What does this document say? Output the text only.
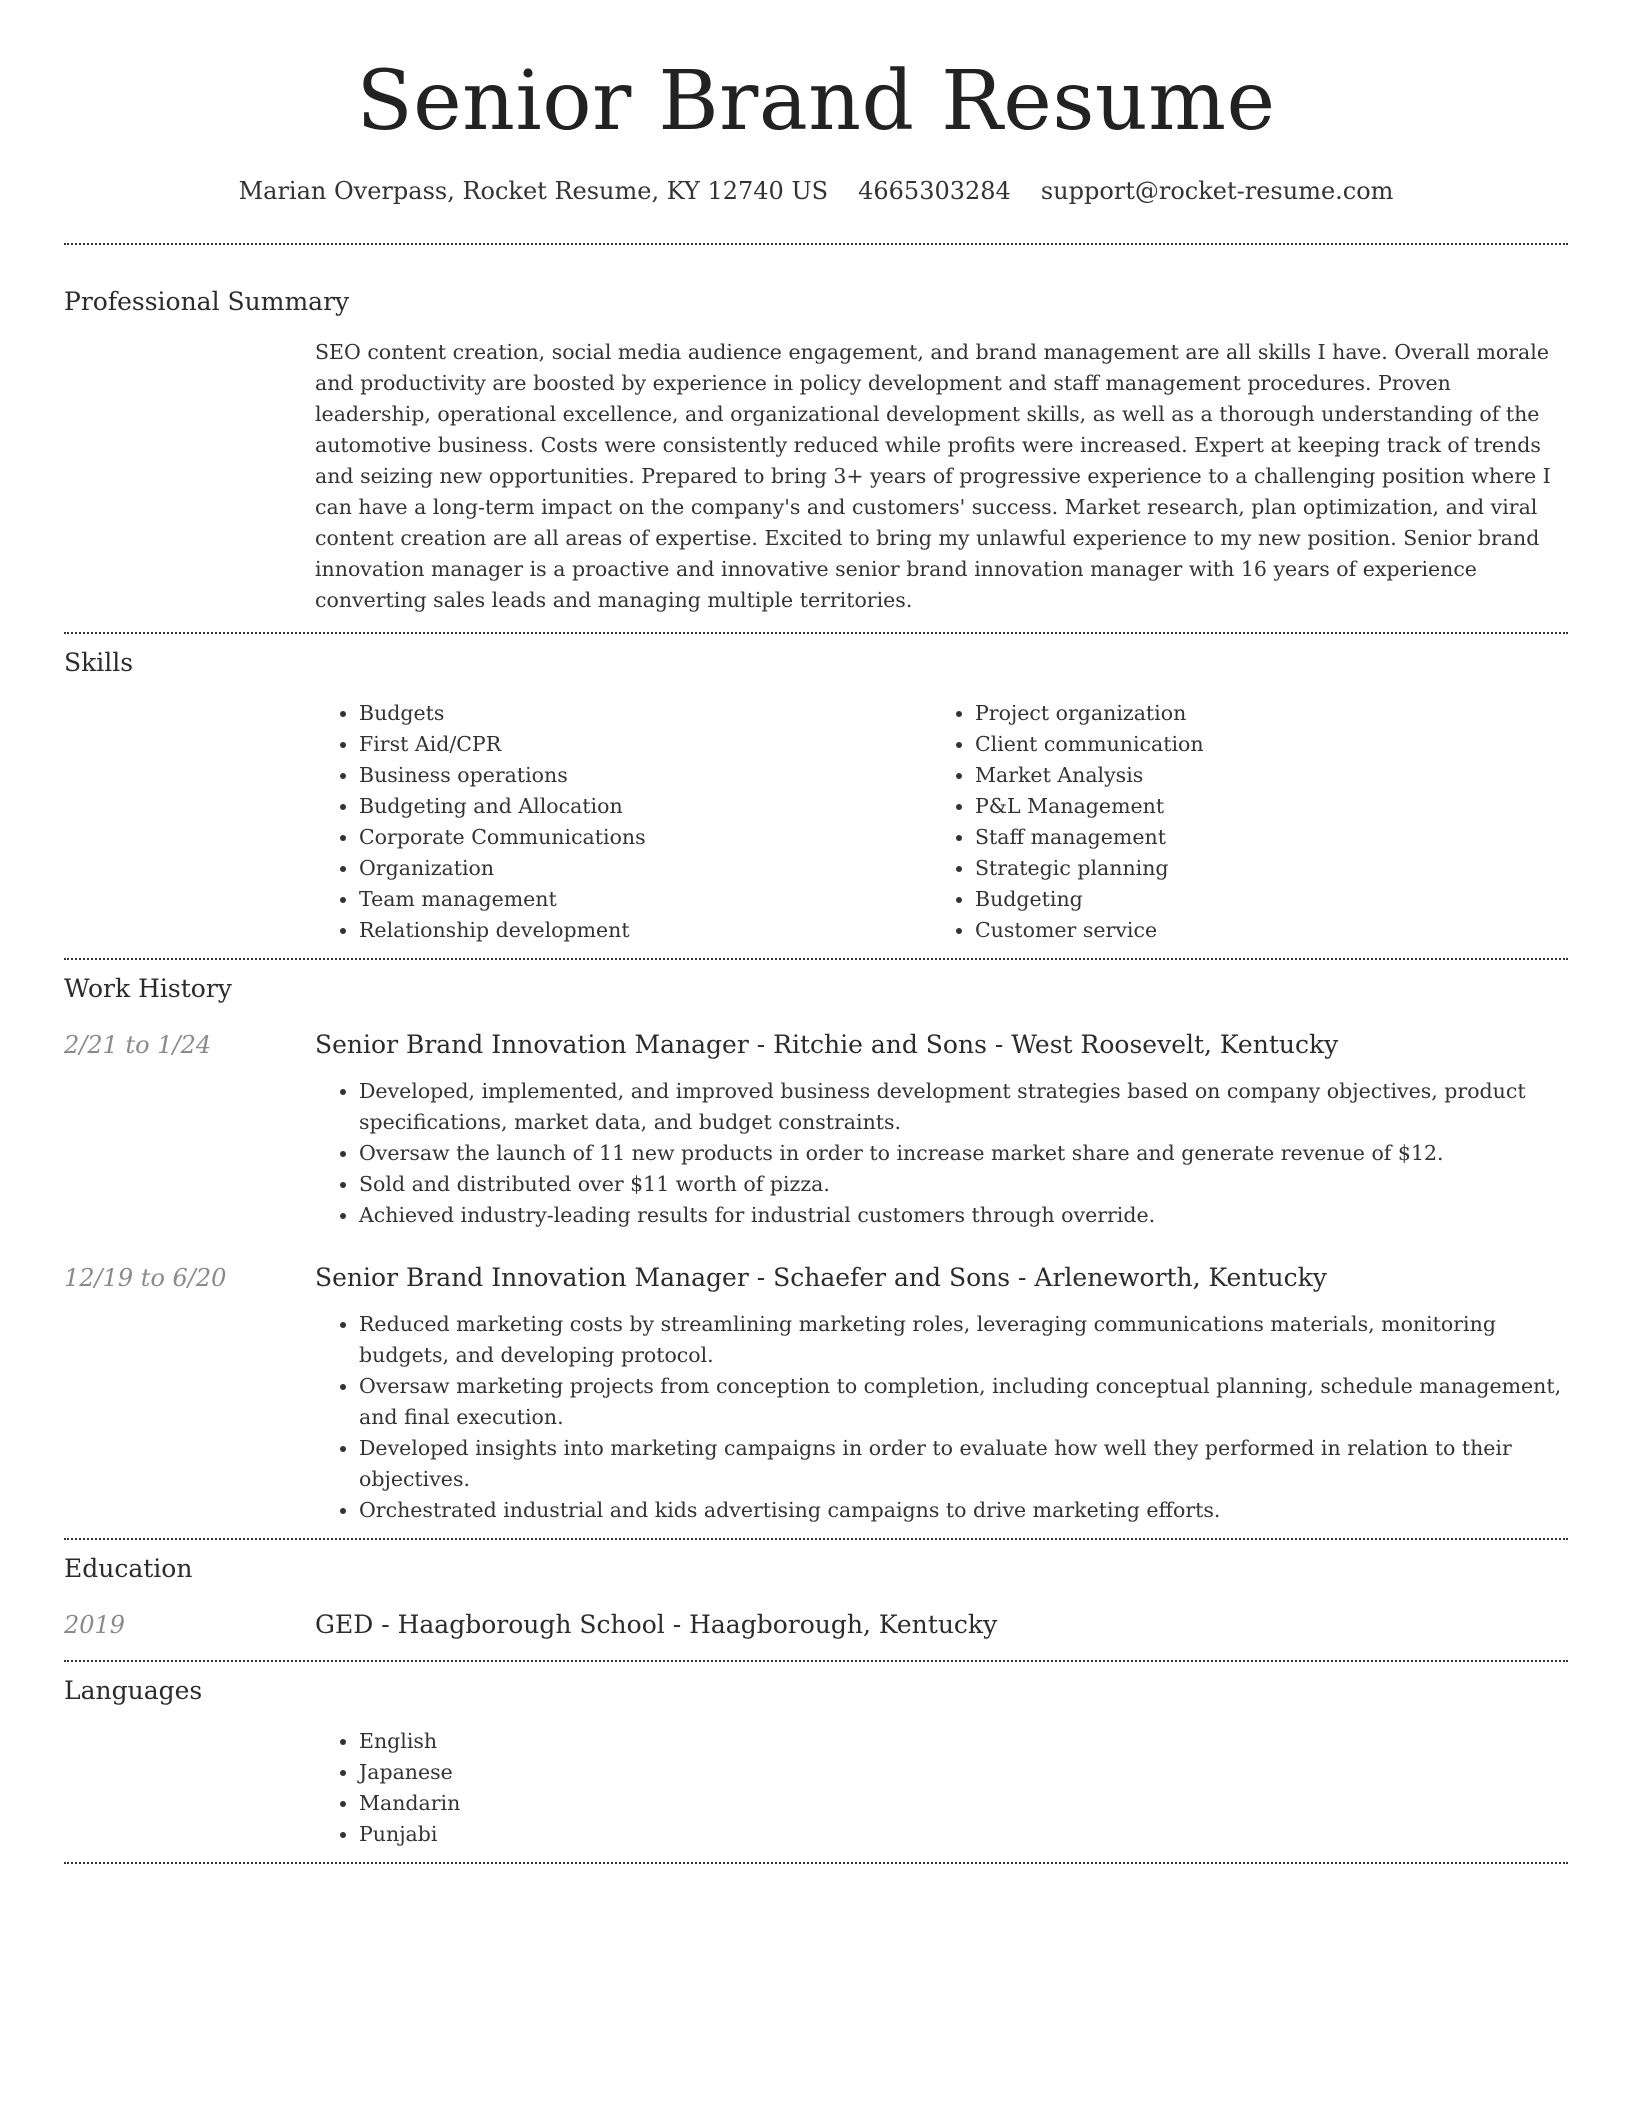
Senior Brand Resume
Marian Overpass, Rocket Resume, KY 12740 US 4665303284 support@rocket-resume.com
Professional Summary

SEO content creation, social media audience engagement, and brand management are all skills I have. Overall morale and productivity are boosted by experience in policy development and staff management procedures. Proven leadership, operational excellence, and organizational development skills, as well as a thorough understanding of the automotive business. Costs were consistently reduced while profits were increased. Expert at keeping track of trends and seizing new opportunities. Prepared to bring 3+ years of progressive experience to a challenging position where I can have a long-term impact on the company's and customers' success. Market research, plan optimization, and viral content creation are all areas of expertise. Excited to bring my unlawful experience to my new position. Senior brand innovation manager is a proactive and innovative senior brand innovation manager with 16 years of experience converting sales leads and managing multiple territories.

Skills
• Budgets
• First Aid/CPR
• Business operations
• Budgeting and Allocation
• Corporate Communications
• Organization
• Team management
• Relationship development
• Project organization
• Client communication
• Market Analysis
• P&L Management
• Staff management
• Strategic planning
• Budgeting
• Customer service
Work History
2/21 to 1/24	Senior Brand Innovation Manager - Ritchie and Sons - West Roosevelt, Kentucky
• Developed, implemented, and improved business development strategies based on company objectives, product specifications, market data, and budget constraints.
• Oversaw the launch of 11 new products in order to increase market share and generate revenue of $12.
• Sold and distributed over $11 worth of pizza.
• Achieved industry-leading results for industrial customers through override.
12/19 to 6/20	Senior Brand Innovation Manager - Schaefer and Sons - Arleneworth, Kentucky
• Reduced marketing costs by streamlining marketing roles, leveraging communications materials, monitoring budgets, and developing protocol.
• Oversaw marketing projects from conception to completion, including conceptual planning, schedule management, and final execution.
• Developed insights into marketing campaigns in order to evaluate how well they performed in relation to their objectives.
• Orchestrated industrial and kids advertising campaigns to drive marketing efforts.
Education
2019	GED - Haagborough School - Haagborough, Kentucky
Languages
• English
• Japanese
• Mandarin
• Punjabi
